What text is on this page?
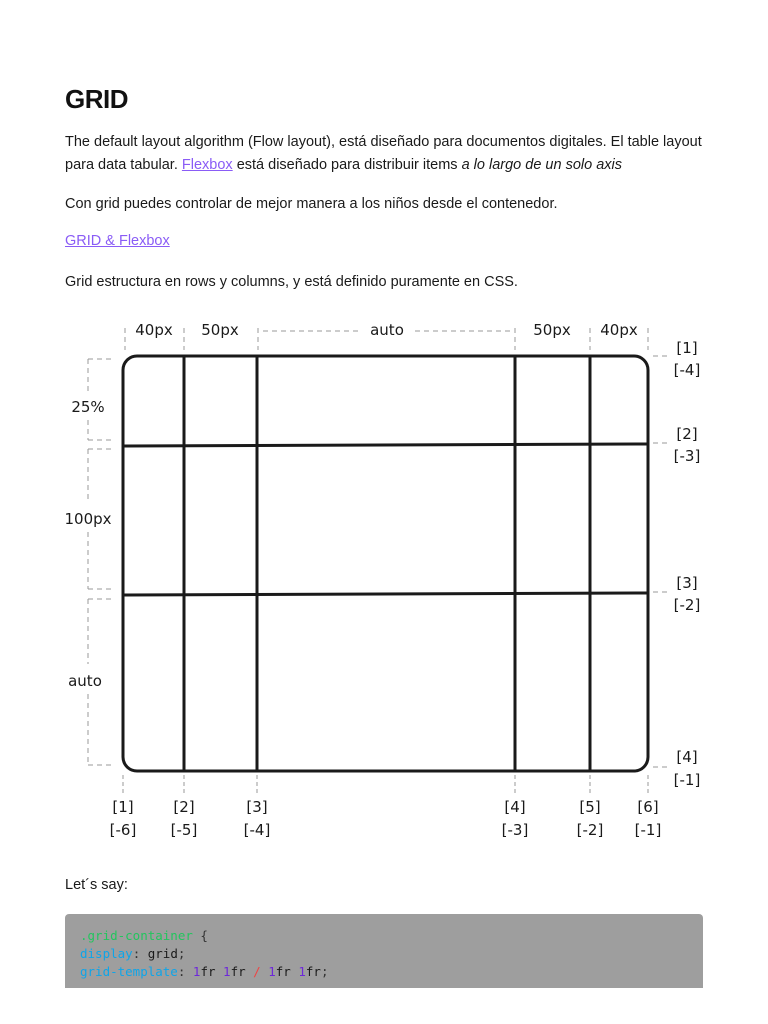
GRID

The default layout algorithm (Flow layout), está diseñado para documentos digitales. El table layout para data tabular. Flexbox está diseñado para distribuir items a lo largo de un solo axis

Con grid puedes controlar de mejor manera a los niños desde el contenedor.

GRID & Flexbox

Grid estructura en rows y columns, y está definido puramente en CSS.

40px 50px	auto	50px 40px
25%
100px
auto
[1]
[-4]
[2]
[-3]
[3]
[-2]
[4]
[-1]
[1]
[-6]
[2]
[-5]
[3]
[-4]
[4]
[-3]
[5]
[-2]
[6]
[-1]

Let´s say:

.grid-container {
display: grid;
grid-template: 1fr 1fr / 1fr 1fr;
